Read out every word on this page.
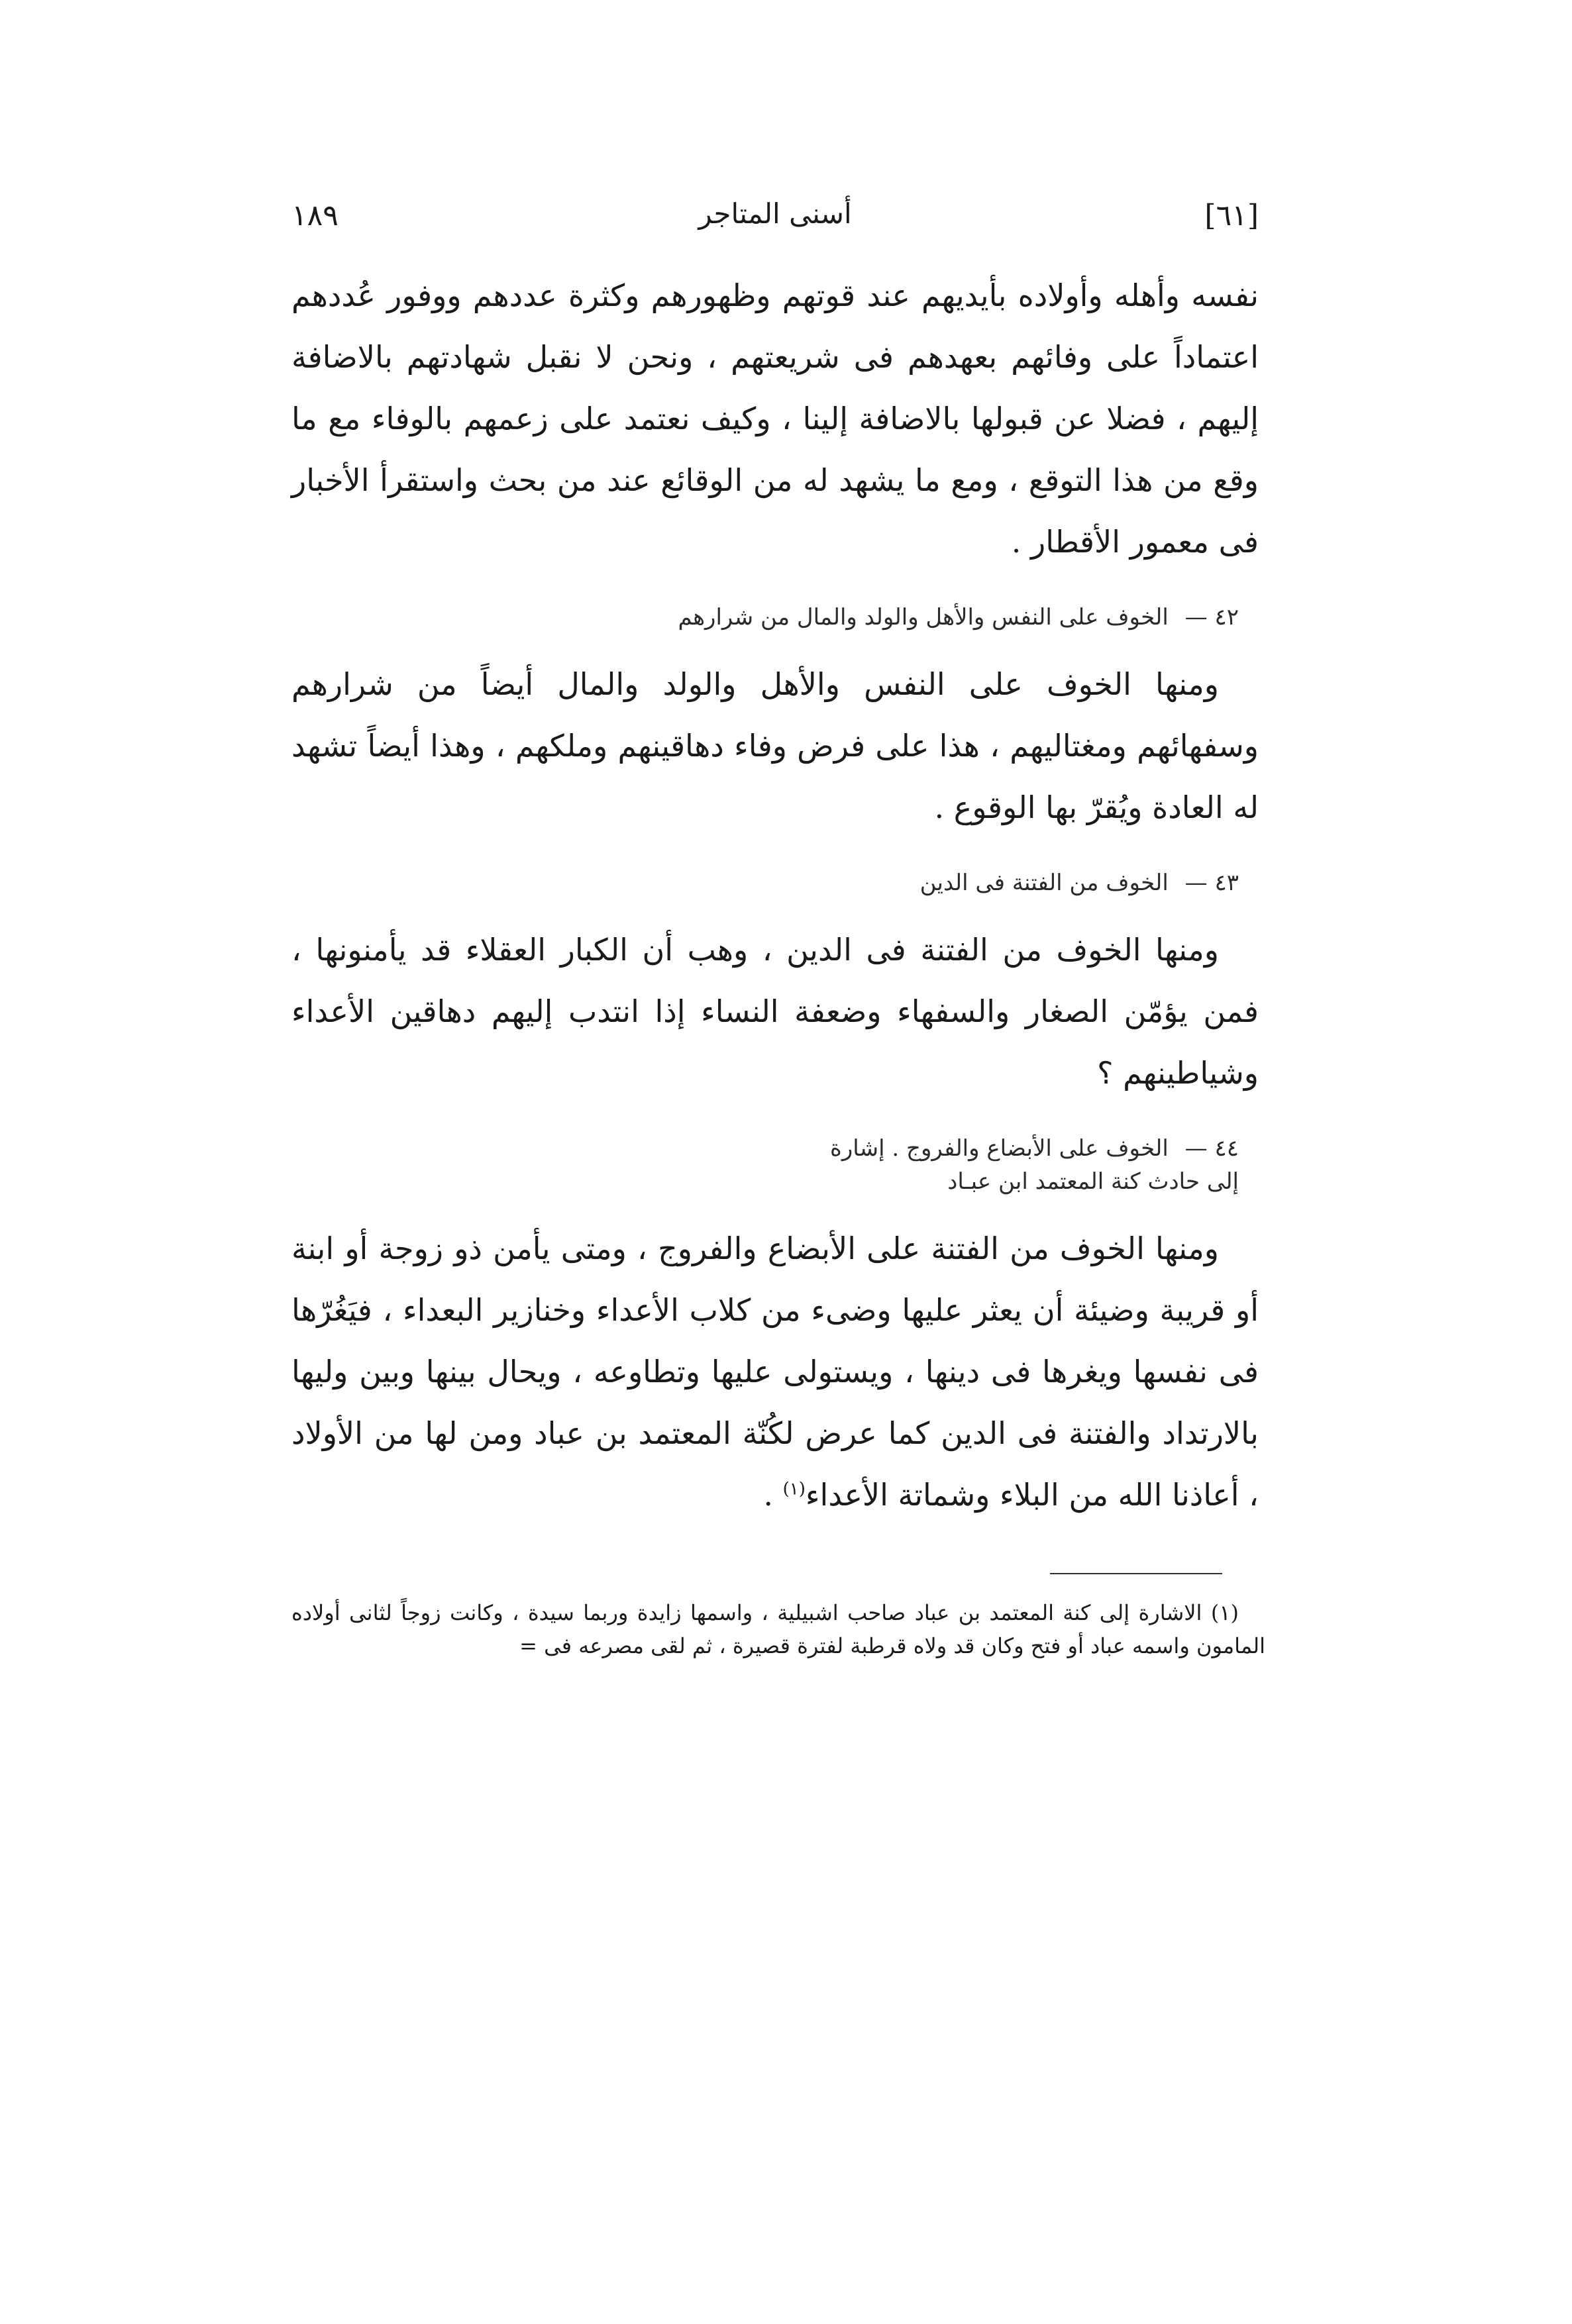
١٨٩	أسنى المتاجر	[٦١]

نفسه وأهله وأولاده بأيديهم عند قوتهم وظهورهم وكثرة عددهم ووفور عُددهم اعتماداً على وفائهم بعهدهم فى شريعتهم ، ونحن لا نقبل شهادتهم بالاضافة إليهم ، فضلا عن قبولها بالاضافة إلينا ، وكيف نعتمد على زعمهم بالوفاء مع ما وقع من هذا التوقع ، ومع ما يشهد له من الوقائع عند من بحث واستقرأ الأخبار فى معمور الأقطار .

٤٢ — الخوف على النفس والأهل والولد والمال من شرارهم

ومنها الخوف على النفس والأهل والولد والمال أيضاً من شرارهم وسفهائهم ومغتاليهم ، هذا على فرض وفاء دهاقينهم وملكهم ، وهذا أيضاً تشهد له العادة ويُقرّ بها الوقوع .

٤٣ — الخوف من الفتنة فى الدين

ومنها الخوف من الفتنة فى الدين ، وهب أن الكبار العقلاء قد يأمنونها ، فمن يؤمّن الصغار والسفهاء وضعفة النساء إذا انتدب إليهم دهاقين الأعداء وشياطينهم ؟

٤٤ — الخوف على الأبضاع والفروج . إشارة

إلى حادث كنة المعتمد ابن عبـاد

ومنها الخوف من الفتنة على الأبضاع والفروج ، ومتى يأمن ذو زوجة أو ابنة أو قريبة وضيئة أن يعثر عليها وضىء من كلاب الأعداء وخنازير البعداء ، فيَغُرّها فى نفسها ويغرها فى دينها ، ويستولى عليها وتطاوعه ، ويحال بينها وبين وليها بالارتداد والفتنة فى الدين كما عرض لكُنّة المعتمد بن عباد ومن لها من الأولاد ، أعاذنا الله من البلاء وشماتة الأعداء$^{(١)}$ .

(١) الاشارة إلى كنة المعتمد بن عباد صاحب اشبيلية ، واسمها زايدة وربما سيدة ، وكانت زوجاً لثانى أولاده المامون واسمه عباد أو فتح وكان قد ولاه قرطبة لفترة قصيرة ، ثم لقى مصرعه فى =
